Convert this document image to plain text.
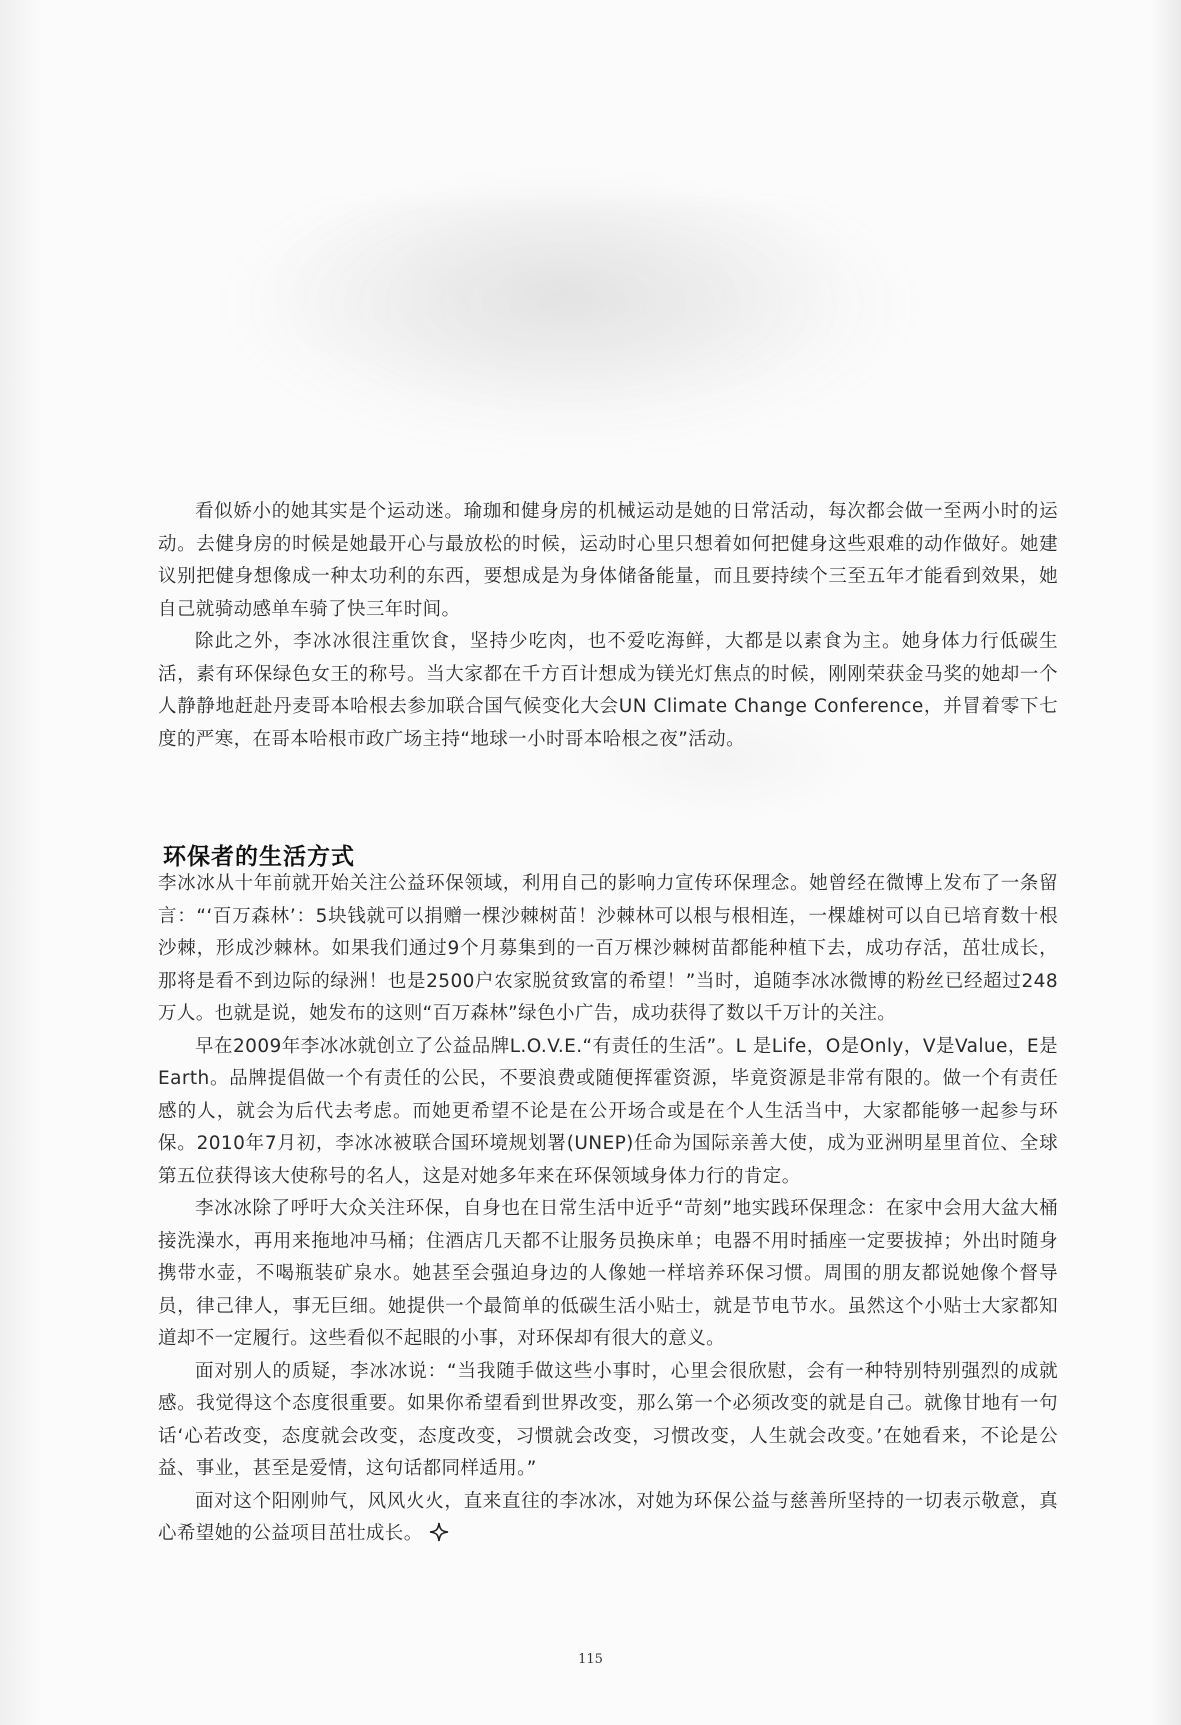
看似娇小的她其实是个运动迷。瑜珈和健身房的机械运动是她的日常活动，每次都会做一至两小时的运动。去健身房的时候是她最开心与最放松的时候，运动时心里只想着如何把健身这些艰难的动作做好。她建议别把健身想像成一种太功利的东西，要想成是为身体储备能量，而且要持续个三至五年才能看到效果，她自己就骑动感单车骑了快三年时间。

除此之外，李冰冰很注重饮食，坚持少吃肉，也不爱吃海鲜，大都是以素食为主。她身体力行低碳生活，素有环保绿色女王的称号。当大家都在千方百计想成为镁光灯焦点的时候，刚刚荣获金马奖的她却一个人静静地赶赴丹麦哥本哈根去参加联合国气候变化大会UN Climate Change Conference，并冒着零下七度的严寒，在哥本哈根市政广场主持“地球一小时哥本哈根之夜”活动。

环保者的生活方式

李冰冰从十年前就开始关注公益环保领域，利用自己的影响力宣传环保理念。她曾经在微博上发布了一条留言：“‘百万森林’：5块钱就可以捐赠一棵沙棘树苗！沙棘林可以根与根相连，一棵雄树可以自已培育数十根沙棘，形成沙棘林。如果我们通过9个月募集到的一百万棵沙棘树苗都能种植下去，成功存活，茁壮成长，那将是看不到边际的绿洲！也是2500户农家脱贫致富的希望！”当时，追随李冰冰微博的粉丝已经超过248万人。也就是说，她发布的这则“百万森林”绿色小广告，成功获得了数以千万计的关注。

早在2009年李冰冰就创立了公益品牌L.O.V.E.“有责任的生活”。L 是Life，O是Only，V是Value，E是Earth。品牌提倡做一个有责任的公民，不要浪费或随便挥霍资源，毕竟资源是非常有限的。做一个有责任感的人，就会为后代去考虑。而她更希望不论是在公开场合或是在个人生活当中，大家都能够一起参与环保。2010年7月初，李冰冰被联合国环境规划署(UNEP)任命为国际亲善大使，成为亚洲明星里首位、全球第五位获得该大使称号的名人，这是对她多年来在环保领域身体力行的肯定。

李冰冰除了呼吁大众关注环保，自身也在日常生活中近乎“苛刻”地实践环保理念：在家中会用大盆大桶接洗澡水，再用来拖地冲马桶；住酒店几天都不让服务员换床单；电器不用时插座一定要拔掉；外出时随身携带水壶，不喝瓶装矿泉水。她甚至会强迫身边的人像她一样培养环保习惯。周围的朋友都说她像个督导员，律己律人，事无巨细。她提供一个最简单的低碳生活小贴士，就是节电节水。虽然这个小贴士大家都知道却不一定履行。这些看似不起眼的小事，对环保却有很大的意义。

面对别人的质疑，李冰冰说：“当我随手做这些小事时，心里会很欣慰，会有一种特别特别强烈的成就感。我觉得这个态度很重要。如果你希望看到世界改变，那么第一个必须改变的就是自己。就像甘地有一句话‘心若改变，态度就会改变，态度改变，习惯就会改变，习惯改变，人生就会改变。’在她看来，不论是公益、事业，甚至是爱情，这句话都同样适用。”

面对这个阳刚帅气，风风火火，直来直往的李冰冰，对她为环保公益与慈善所坚持的一切表示敬意，真心希望她的公益项目茁壮成长。

115
